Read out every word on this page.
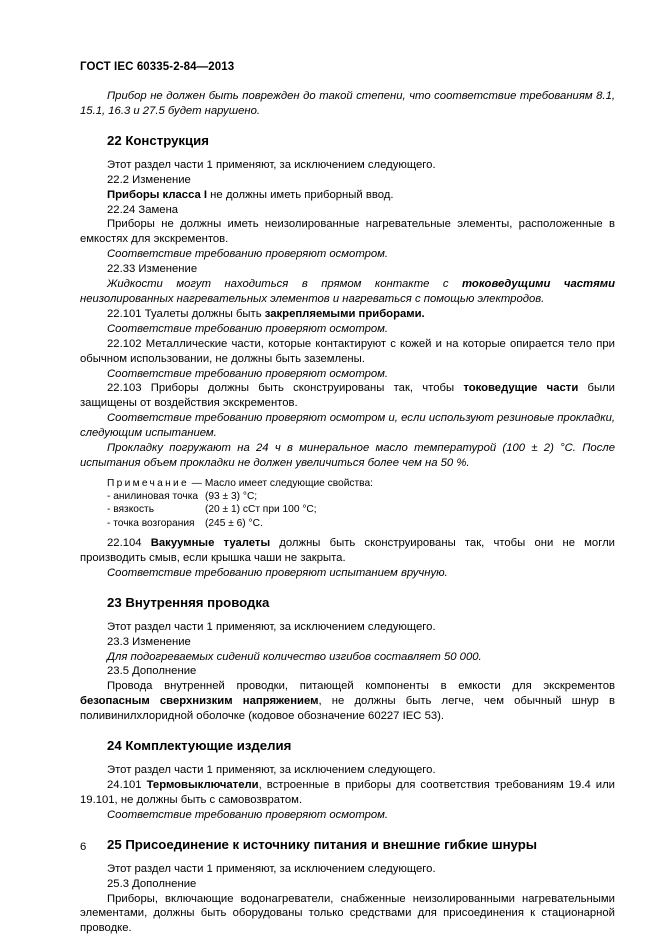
ГОСТ IEC 60335-2-84—2013

Прибор не должен быть поврежден до такой степени, что соответствие требованиям 8.1, 15.1, 16.3 и 27.5 будет нарушено.

22 Конструкция

Этот раздел части 1 применяют, за исключением следующего.

22.2 Изменение

Приборы класса I не должны иметь приборный ввод.

22.24 Замена

Приборы не должны иметь неизолированные нагревательные элементы, расположенные в емкостях для экскрементов.

Соответствие требованию проверяют осмотром.

22.33 Изменение

Жидкости могут находиться в прямом контакте с токоведущими частями неизолированных нагревательных элементов и нагреваться с помощью электродов.

22.101 Туалеты должны быть закрепляемыми приборами.

Соответствие требованию проверяют осмотром.

22.102 Металлические части, которые контактируют с кожей и на которые опирается тело при обычном использовании, не должны быть заземлены.

Соответствие требованию проверяют осмотром.

22.103 Приборы должны быть сконструированы так, чтобы токоведущие части были защищены от воздействия экскрементов.

Соответствие требованию проверяют осмотром и, если используют резиновые прокладки, следующим испытанием.

Прокладку погружают на 24 ч в минеральное масло температурой (100 ± 2) °C. После испытания объем прокладки не должен увеличиться более чем на 50 %.

Примечание — Масло имеет следующие свойства:

- анилиновая точка (93 ± 3) °C;
- вязкость	(20 ± 1) сСт при 100 °C;
- точка возгорания	(245 ± 6) °C.

22.104 Вакуумные туалеты должны быть сконструированы так, чтобы они не могли производить смыв, если крышка чаши не закрыта.

Соответствие требованию проверяют испытанием вручную.

23 Внутренняя проводка

Этот раздел части 1 применяют, за исключением следующего.

23.3 Изменение

Для подогреваемых сидений количество изгибов составляет 50 000.

23.5 Дополнение

Провода внутренней проводки, питающей компоненты в емкости для экскрементов безопасным сверхнизким напряжением, не должны быть легче, чем обычный шнур в поливинилхлоридной оболочке (кодовое обозначение 60227 IEC 53).

24 Комплектующие изделия

Этот раздел части 1 применяют, за исключением следующего.

24.101 Термовыключатели, встроенные в приборы для соответствия требованиям 19.4 или 19.101, не должны быть с самовозвратом.

Соответствие требованию проверяют осмотром.

25 Присоединение к источнику питания и внешние гибкие шнуры

Этот раздел части 1 применяют, за исключением следующего.

25.3 Дополнение

Приборы, включающие водонагреватели, снабженные неизолированными нагревательными элементами, должны быть оборудованы только средствами для присоединения к стационарной проводке.

6
